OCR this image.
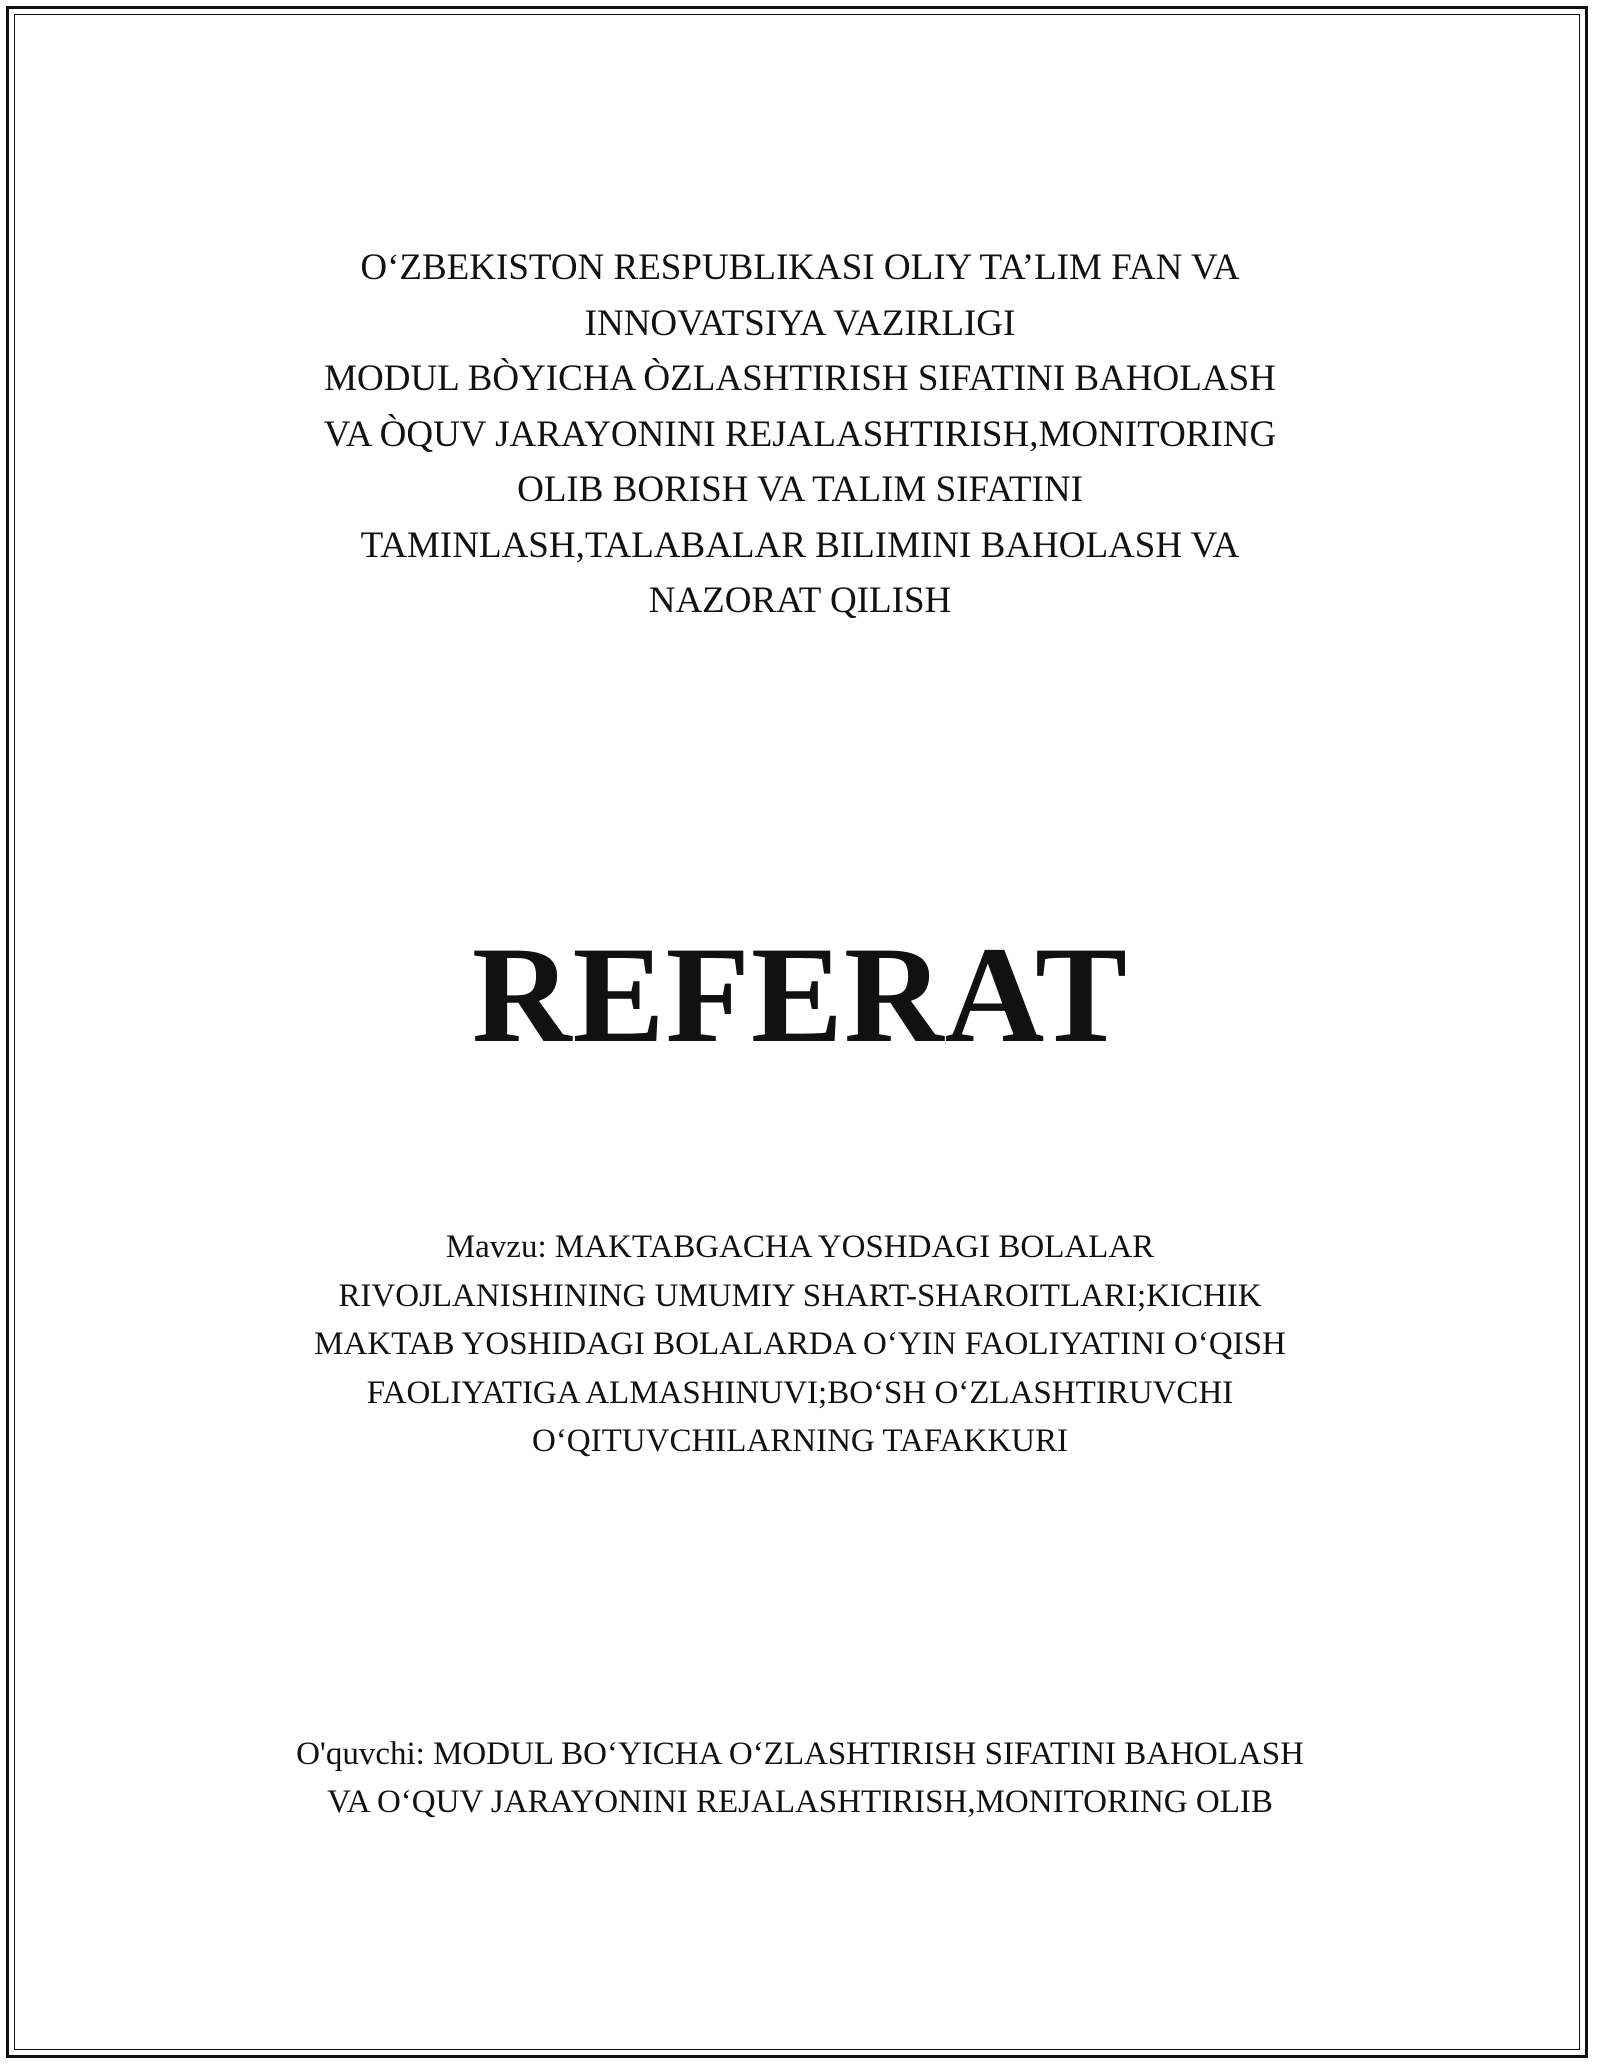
O‘ZBEKISTON RESPUBLIKASI OLIY TA’LIM FAN VA
INNOVATSIYA VAZIRLIGI
MODUL BÒYICHA ÒZLASHTIRISH SIFATINI BAHOLASH
VA ÒQUV JARAYONINI REJALASHTIRISH,MONITORING
OLIB BORISH VA TALIM SIFATINI
TAMINLASH,TALABALAR BILIMINI BAHOLASH VA
NAZORAT QILISH
REFERAT
Mavzu: MAKTABGACHA YOSHDAGI BOLALAR
RIVOJLANISHINING UMUMIY SHART-SHAROITLARI;KICHIK
MAKTAB YOSHIDAGI BOLALARDA O‘YIN FAOLIYATINI O‘QISH
FAOLIYATIGA ALMASHINUVI;BO‘SH O‘ZLASHTIRUVCHI
O‘QITUVCHILARNING TAFAKKURI
O'quvchi: MODUL BO‘YICHA O‘ZLASHTIRISH SIFATINI BAHOLASH
VA O‘QUV JARAYONINI REJALASHTIRISH,MONITORING OLIB
